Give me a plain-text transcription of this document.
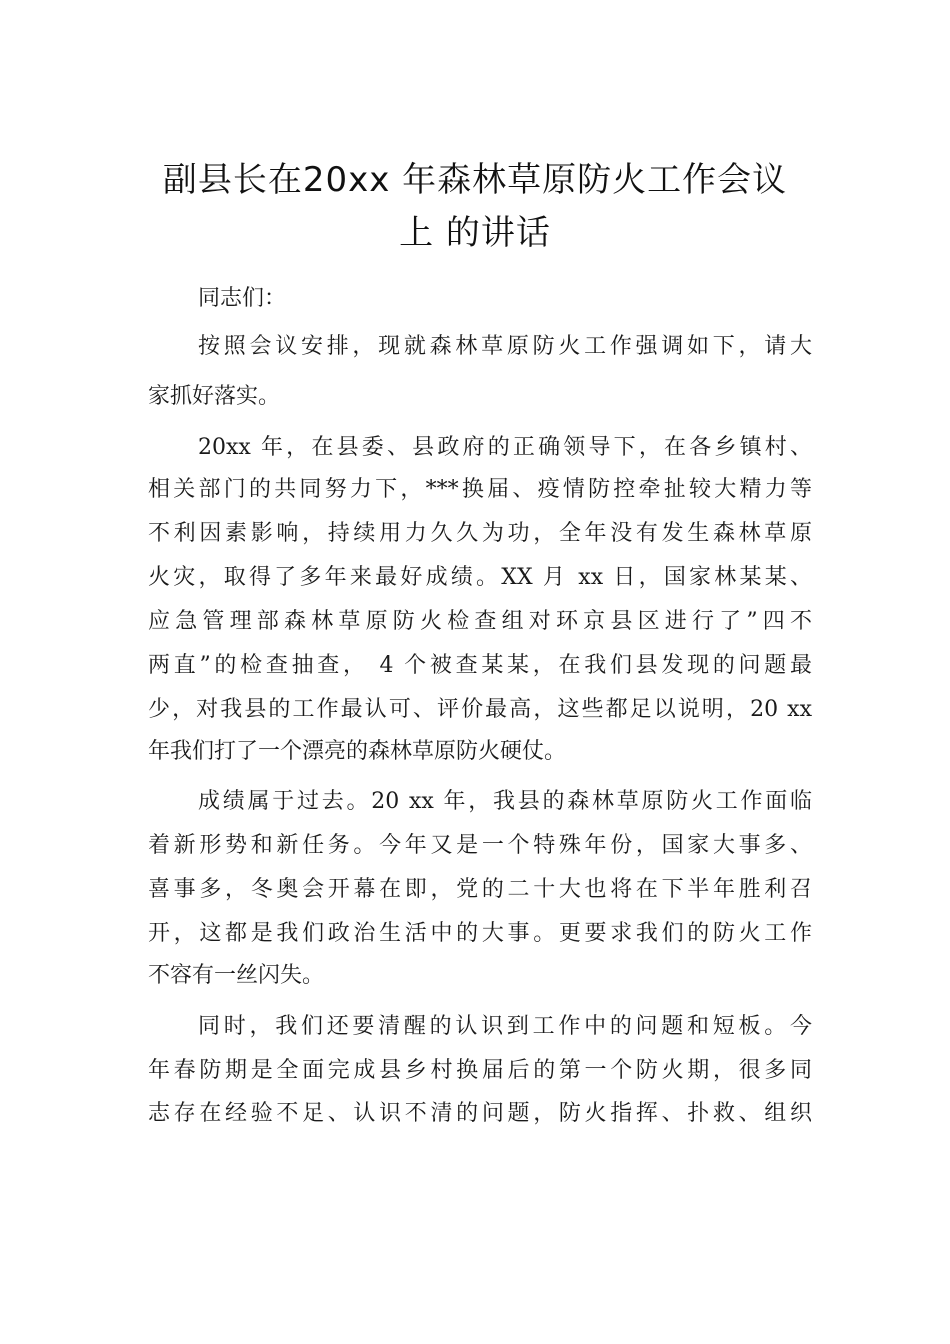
副县长在20xx 年森林草原防火工作会议
上 的讲话
同志们：
按照会议安排，现就森林草原防火工作强调如下，请大
家抓好落实。
20xx 年，在县委、县政府的正确领导下，在各乡镇村、
相关部门的共同努力下，***换届、疫情防控牵扯较大精力等
不利因素影响，持续用力久久为功，全年没有发生森林草原
火灾，取得了多年来最好成绩。XX 月 xx 日，国家林某某、
应急管理部森林草原防火检查组对环京县区进行了”四不
两直”的检查抽查， 4 个被查某某，在我们县发现的问题最
少，对我县的工作最认可、评价最高，这些都足以说明，20 xx
年我们打了一个漂亮的森林草原防火硬仗。
成绩属于过去。20 xx 年，我县的森林草原防火工作面临
着新形势和新任务。今年又是一个特殊年份，国家大事多、
喜事多，冬奥会开幕在即，党的二十大也将在下半年胜利召
开，这都是我们政治生活中的大事。更要求我们的防火工作
不容有一丝闪失。
同时，我们还要清醒的认识到工作中的问题和短板。今
年春防期是全面完成县乡村换届后的第一个防火期，很多同
志存在经验不足、认识不清的问题，防火指挥、扑救、组织
